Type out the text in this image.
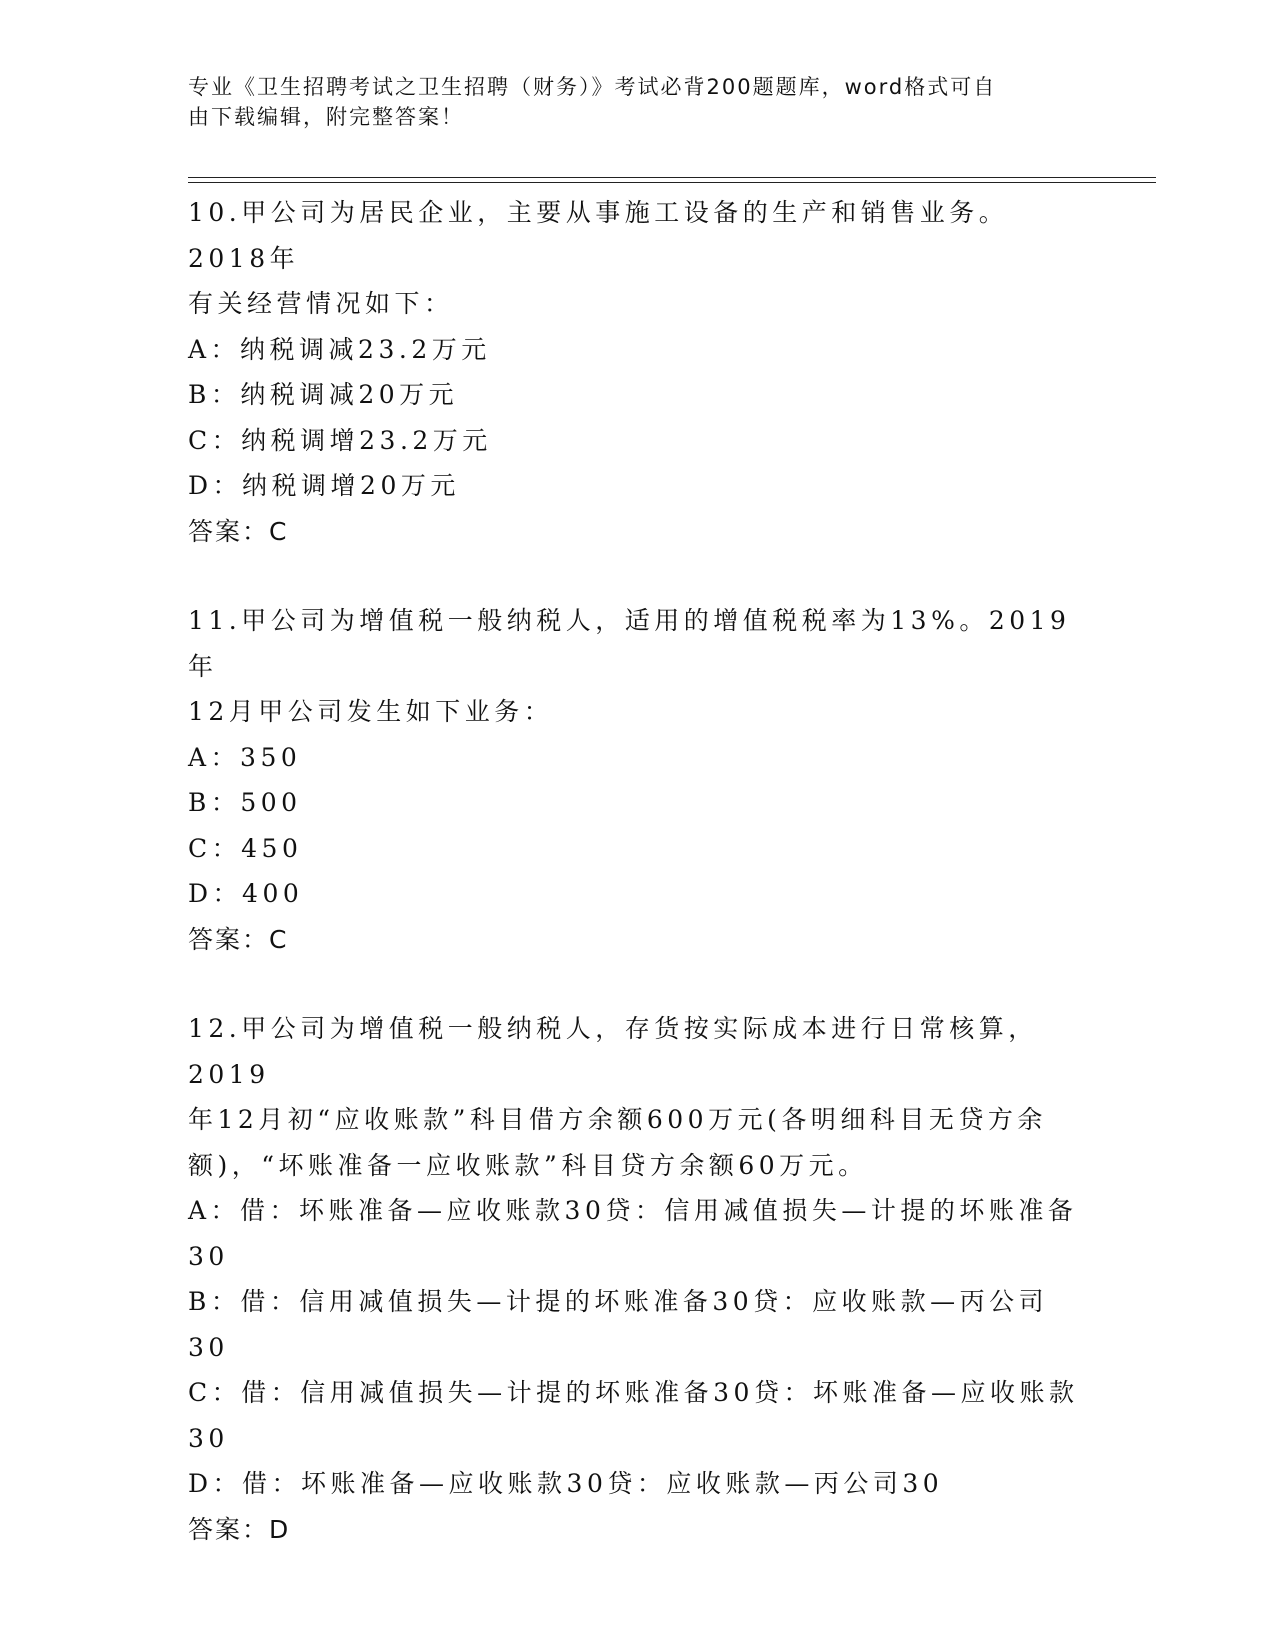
专业《卫生招聘考试之卫生招聘（财务）》考试必背200题题库，word格式可自
由下载编辑，附完整答案！

10.甲公司为居民企业，主要从事施工设备的生产和销售业务。2018年

有关经营情况如下：

A：纳税调减23.2万元

B：纳税调减20万元

C：纳税调增23.2万元

D：纳税调增20万元

答案：C

11.甲公司为增值税一般纳税人，适用的增值税税率为13%。2019年

12月甲公司发生如下业务：

A：350

B：500

C：450

D：400

答案：C

12.甲公司为增值税一般纳税人，存货按实际成本进行日常核算，2019

年12月初“应收账款”科目借方余额600万元(各明细科目无贷方余

额)，“坏账准备一应收账款”科目贷方余额60万元。

A：借：坏账准备—应收账款30贷：信用减值损失—计提的坏账准备

30

B：借：信用减值损失—计提的坏账准备30贷：应收账款—丙公司30

C：借：信用减值损失—计提的坏账准备30贷：坏账准备—应收账款

30

D：借：坏账准备—应收账款30贷：应收账款—丙公司30

答案：D
